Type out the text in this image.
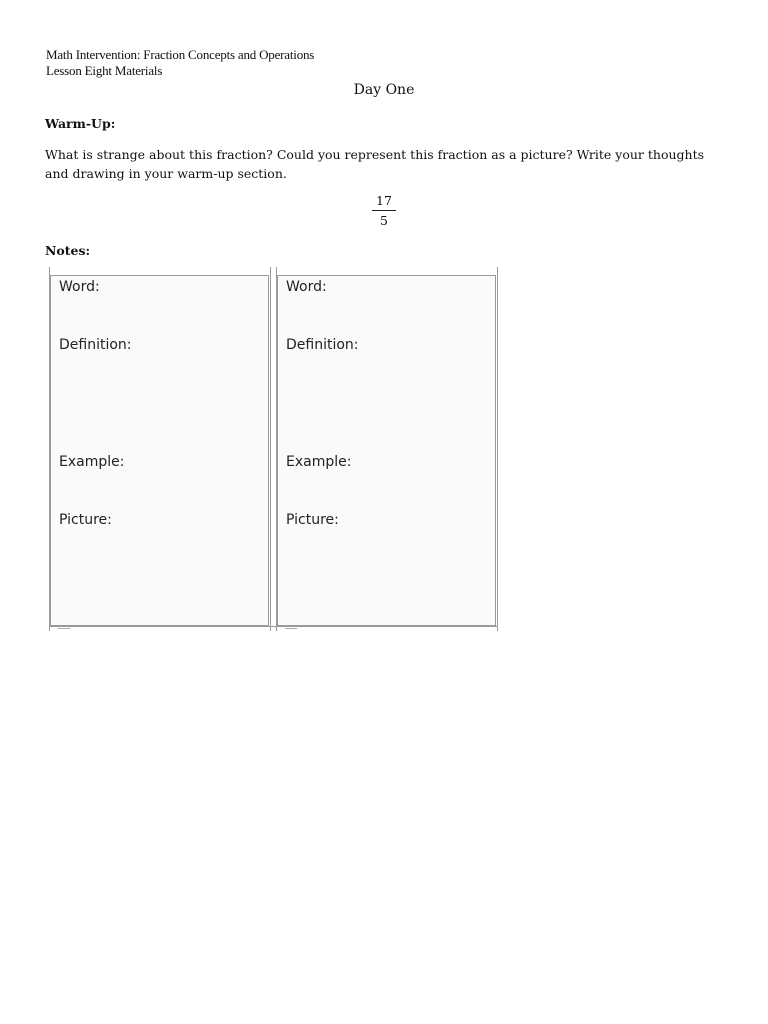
Math Intervention: Fraction Concepts and Operations
Lesson Eight Materials
Day One
Warm-Up:
What is strange about this fraction? Could you represent this fraction as a picture? Write your thoughts
and drawing in your warm-up section.
$\frac{17}{5}$
Notes:
Word:
Definition:
Example:
Picture:
Word:
Definition:
Example:
Picture:
